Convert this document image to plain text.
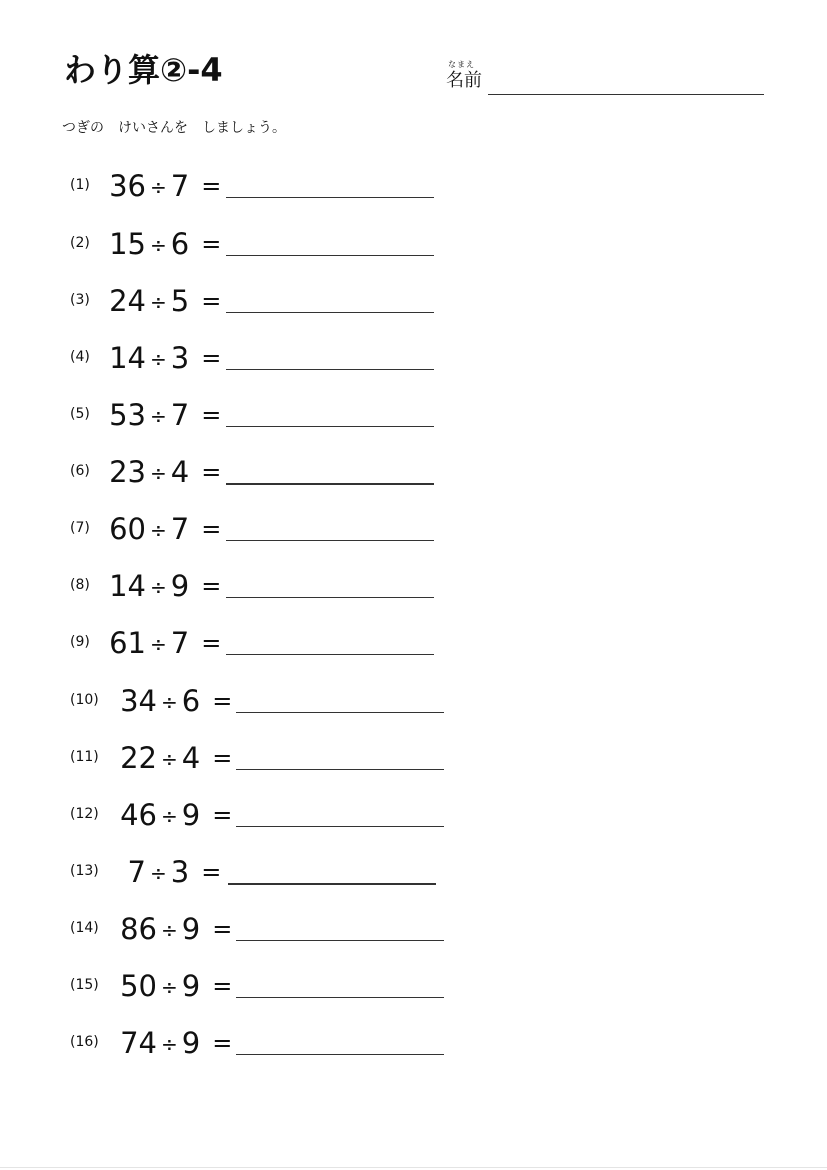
わり算②-4	なまえ
名前
つぎの　けいさんを　しましょう。
(1) 36 ÷ 7 =
(2) 15 ÷ 6 =
(3) 24 ÷ 5 =
(4) 14 ÷ 3 =
(5) 53 ÷ 7 =
(6) 23 ÷ 4 =
(7) 60 ÷ 7 =
(8) 14 ÷ 9 =
(9) 61 ÷ 7 =
(10) 34 ÷ 6 =
(11) 22 ÷ 4 =
(12) 46 ÷ 9 =
(13) 7 ÷ 3 =
(14) 86 ÷ 9 =
(15) 50 ÷ 9 =
(16) 74 ÷ 9 =
